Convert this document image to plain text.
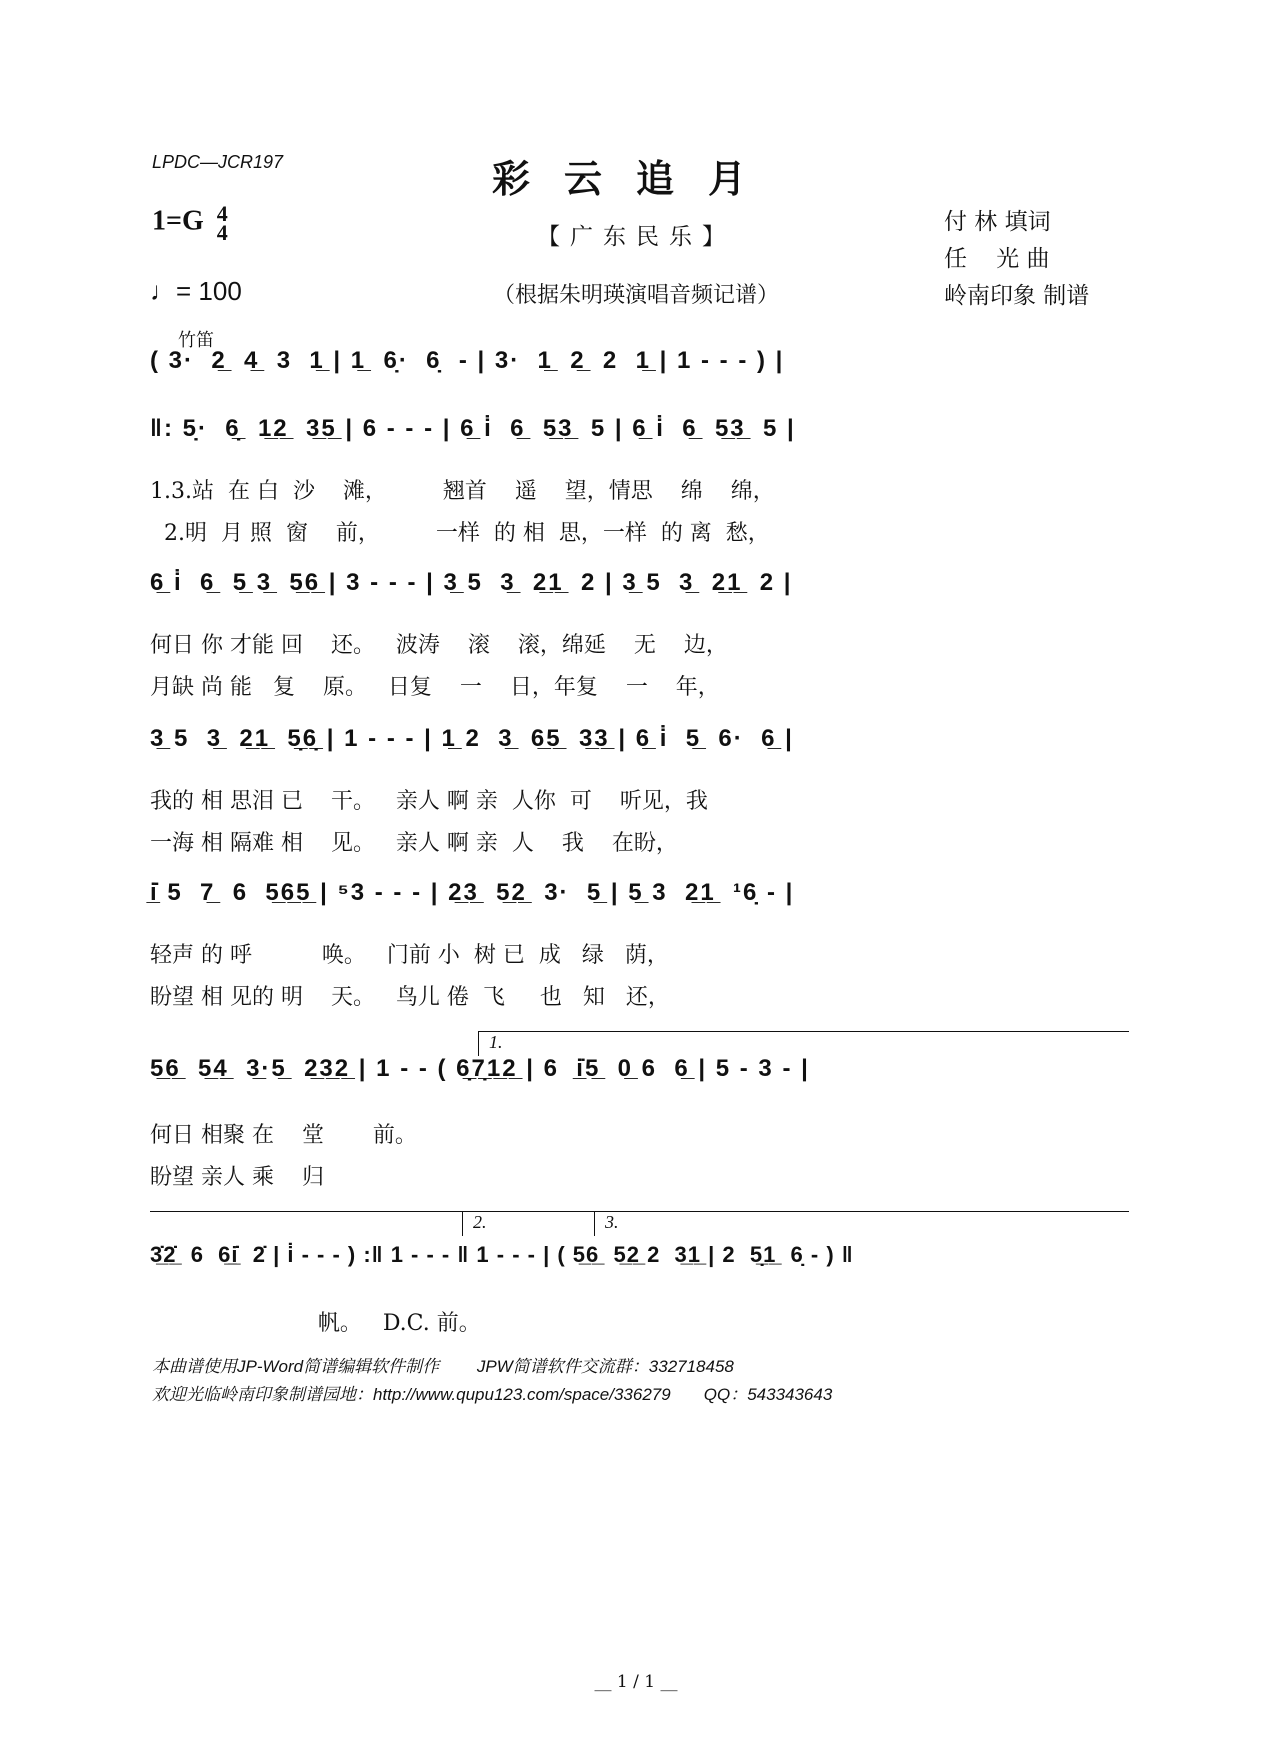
LPDC—JCR197	彩云追月
1=G 4
4
♩= 100
【广东民乐】
（根据朱明瑛演唱音频记谱）
付 林 填词
任    光 曲
岭南印象 制谱
竹笛
( 3·  2̲  4̲  3  1̲ | 1̲  6̣·  6̣  - | 3·  1̲  2̲  2  1̲ | 1 - - - ) |
‖: 5̣·  6̣̲  1̲2̲  3̲5̲ | 6 - - - | 6̲ i̇  6̲  5̲3̲  5 | 6̲ i̇  6̲  5̲3̲  5 |
1.3.站  在 白  沙    滩，        翘首    遥    望，情思    绵    绵，
2.明  月 照  窗    前，        一样  的 相  思，一样  的 离  愁，
6̲ i̇  6̲  5̲ 3̲  5̲6̲ | 3 - - - | 3̲ 5  3̲  2̲1̲  2 | 3̲ 5  3̲  2̲1̲  2 |
何日 你 才能 回    还。   波涛    滚    滚，绵延    无    边，
月缺 尚 能   复    原。   日复    一    日，年复    一    年，
3̲ 5  3̲  2̲1̲  5̣̲6̣̲ | 1 - - - | 1̲ 2  3̲  6̲5̲  3̲3̲ | 6̲ i̇  5̲  6·  6̲ |
我的 相 思泪 已    干。   亲人 啊 亲  人你  可    听见，我
一海 相 隔难 相    见。   亲人 啊 亲  人    我    在盼，
i̲̇ 5  7̲  6  5̲6̲5̲ | ⁵3 - - - | 2̲3̲  5̲2̲  3·  5̲ | 5̲ 3  2̲1̲  ¹6̣ - |
轻声 的 呼          唤。   门前 小  树 已  成   绿   荫，
盼望 相 见的 明    天。   鸟儿 倦  飞     也   知   还，
1.
5̲6̲  5̲4̲  3̲·5̲  2̲3̲2̲ | 1 - - ( 6̣̲7̣̲1̲2̲ | 6  i̲̇5̲  0̲ 6  6̲ | 5 - 3 - |
何日 相聚 在    堂       前。
盼望 亲人 乘    归
2.	3.
3̲̇2̲̇  6  6̲i̲̇  2̇ | i̇ - - - ) :‖ 1 - - - ‖ 1 - - - | ( 5̲6̲  5̲2̲ 2  3̲1̲ | 2  5̣̲1̲  6̣ - ) ‖
帆。   D.C. 前。
本曲谱使用JP-Word简谱编辑软件制作        JPW简谱软件交流群：332718458
欢迎光临岭南印象制谱园地：http://www.qupu123.com/space/336279       QQ：543343643
__ 1 / 1 __
